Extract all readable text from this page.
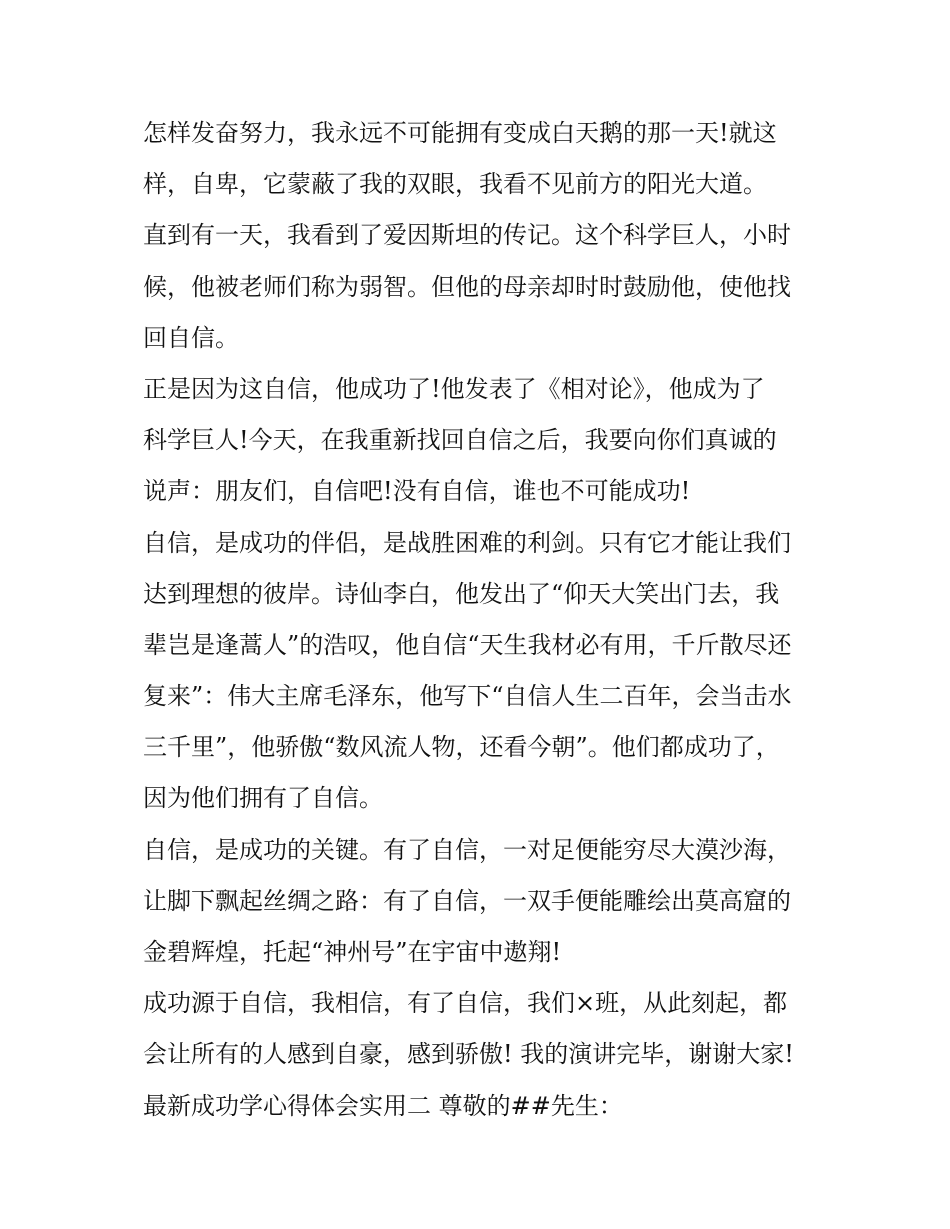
怎样发奋努力，我永远不可能拥有变成白天鹅的那一天!就这
样，自卑，它蒙蔽了我的双眼，我看不见前方的阳光大道。
直到有一天，我看到了爱因斯坦的传记。这个科学巨人，小时
候，他被老师们称为弱智。但他的母亲却时时鼓励他，使他找
回自信。
正是因为这自信，他成功了!他发表了《相对论》，他成为了
科学巨人!今天，在我重新找回自信之后，我要向你们真诚的
说声：朋友们，自信吧!没有自信，谁也不可能成功!
自信，是成功的伴侣，是战胜困难的利剑。只有它才能让我们
达到理想的彼岸。诗仙李白，他发出了“仰天大笑出门去，我
辈岂是逢蒿人”的浩叹，他自信“天生我材必有用，千斤散尽还
复来”：伟大主席毛泽东，他写下“自信人生二百年，会当击水
三千里”，他骄傲“数风流人物，还看今朝”。他们都成功了，
因为他们拥有了自信。
自信，是成功的关键。有了自信，一对足便能穷尽大漠沙海，
让脚下飘起丝绸之路：有了自信，一双手便能雕绘出莫高窟的
金碧辉煌，托起“神州号”在宇宙中遨翔!
成功源于自信，我相信，有了自信，我们×班，从此刻起，都
会让所有的人感到自豪，感到骄傲! 我的演讲完毕，谢谢大家!
最新成功学心得体会实用二 尊敬的##先生：
